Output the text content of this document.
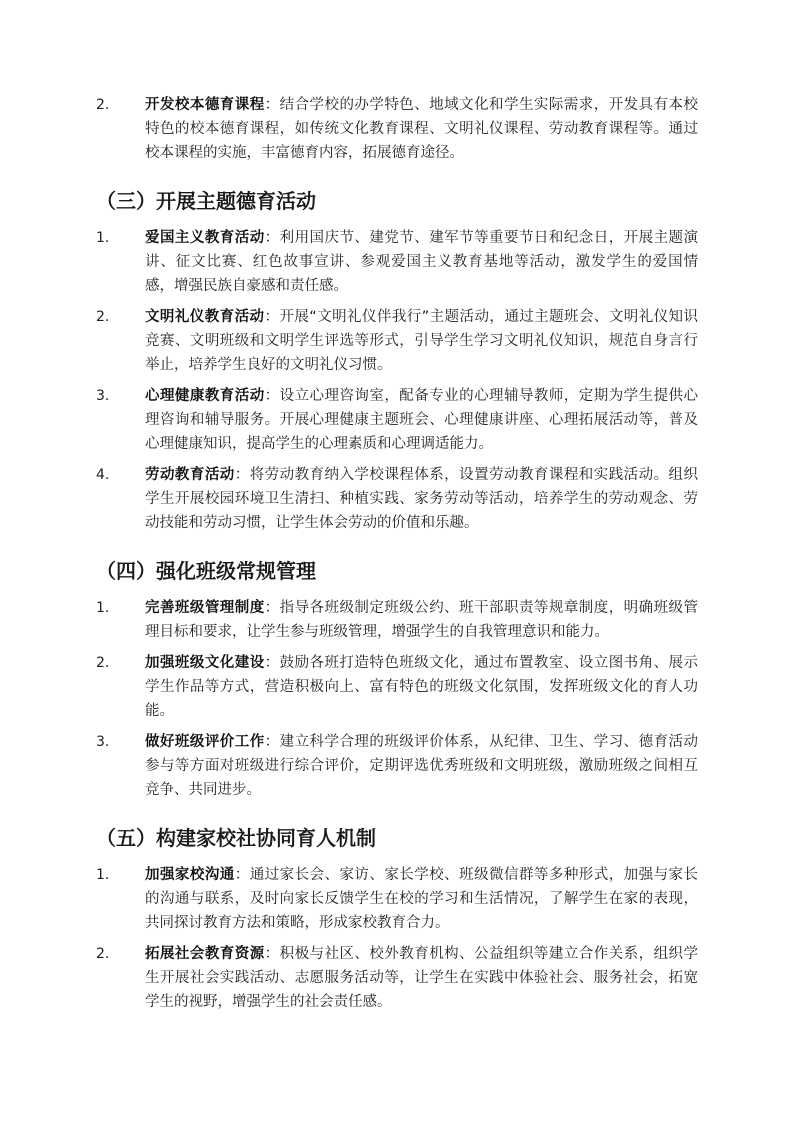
2.	开发校本德育课程：结合学校的办学特色、地域文化和学生实际需求，开发具有本校
特色的校本德育课程，如传统文化教育课程、文明礼仪课程、劳动教育课程等。通过
校本课程的实施，丰富德育内容，拓展德育途径。
（三）开展主题德育活动
1.	爱国主义教育活动：利用国庆节、建党节、建军节等重要节日和纪念日，开展主题演
讲、征文比赛、红色故事宣讲、参观爱国主义教育基地等活动，激发学生的爱国情
感，增强民族自豪感和责任感。
2.	文明礼仪教育活动：开展“文明礼仪伴我行”主题活动，通过主题班会、文明礼仪知识
竞赛、文明班级和文明学生评选等形式，引导学生学习文明礼仪知识，规范自身言行
举止，培养学生良好的文明礼仪习惯。
3.	心理健康教育活动：设立心理咨询室，配备专业的心理辅导教师，定期为学生提供心
理咨询和辅导服务。开展心理健康主题班会、心理健康讲座、心理拓展活动等，普及
心理健康知识，提高学生的心理素质和心理调适能力。
4.	劳动教育活动：将劳动教育纳入学校课程体系，设置劳动教育课程和实践活动。组织
学生开展校园环境卫生清扫、种植实践、家务劳动等活动，培养学生的劳动观念、劳
动技能和劳动习惯，让学生体会劳动的价值和乐趣。
（四）强化班级常规管理
1.	完善班级管理制度：指导各班级制定班级公约、班干部职责等规章制度，明确班级管
理目标和要求，让学生参与班级管理，增强学生的自我管理意识和能力。
2.	加强班级文化建设：鼓励各班打造特色班级文化，通过布置教室、设立图书角、展示
学生作品等方式，营造积极向上、富有特色的班级文化氛围，发挥班级文化的育人功
能。
3.	做好班级评价工作：建立科学合理的班级评价体系，从纪律、卫生、学习、德育活动
参与等方面对班级进行综合评价，定期评选优秀班级和文明班级，激励班级之间相互
竞争、共同进步。
（五）构建家校社协同育人机制
1.	加强家校沟通：通过家长会、家访、家长学校、班级微信群等多种形式，加强与家长
的沟通与联系，及时向家长反馈学生在校的学习和生活情况，了解学生在家的表现，
共同探讨教育方法和策略，形成家校教育合力。
2.	拓展社会教育资源：积极与社区、校外教育机构、公益组织等建立合作关系，组织学
生开展社会实践活动、志愿服务活动等，让学生在实践中体验社会、服务社会，拓宽
学生的视野，增强学生的社会责任感。
